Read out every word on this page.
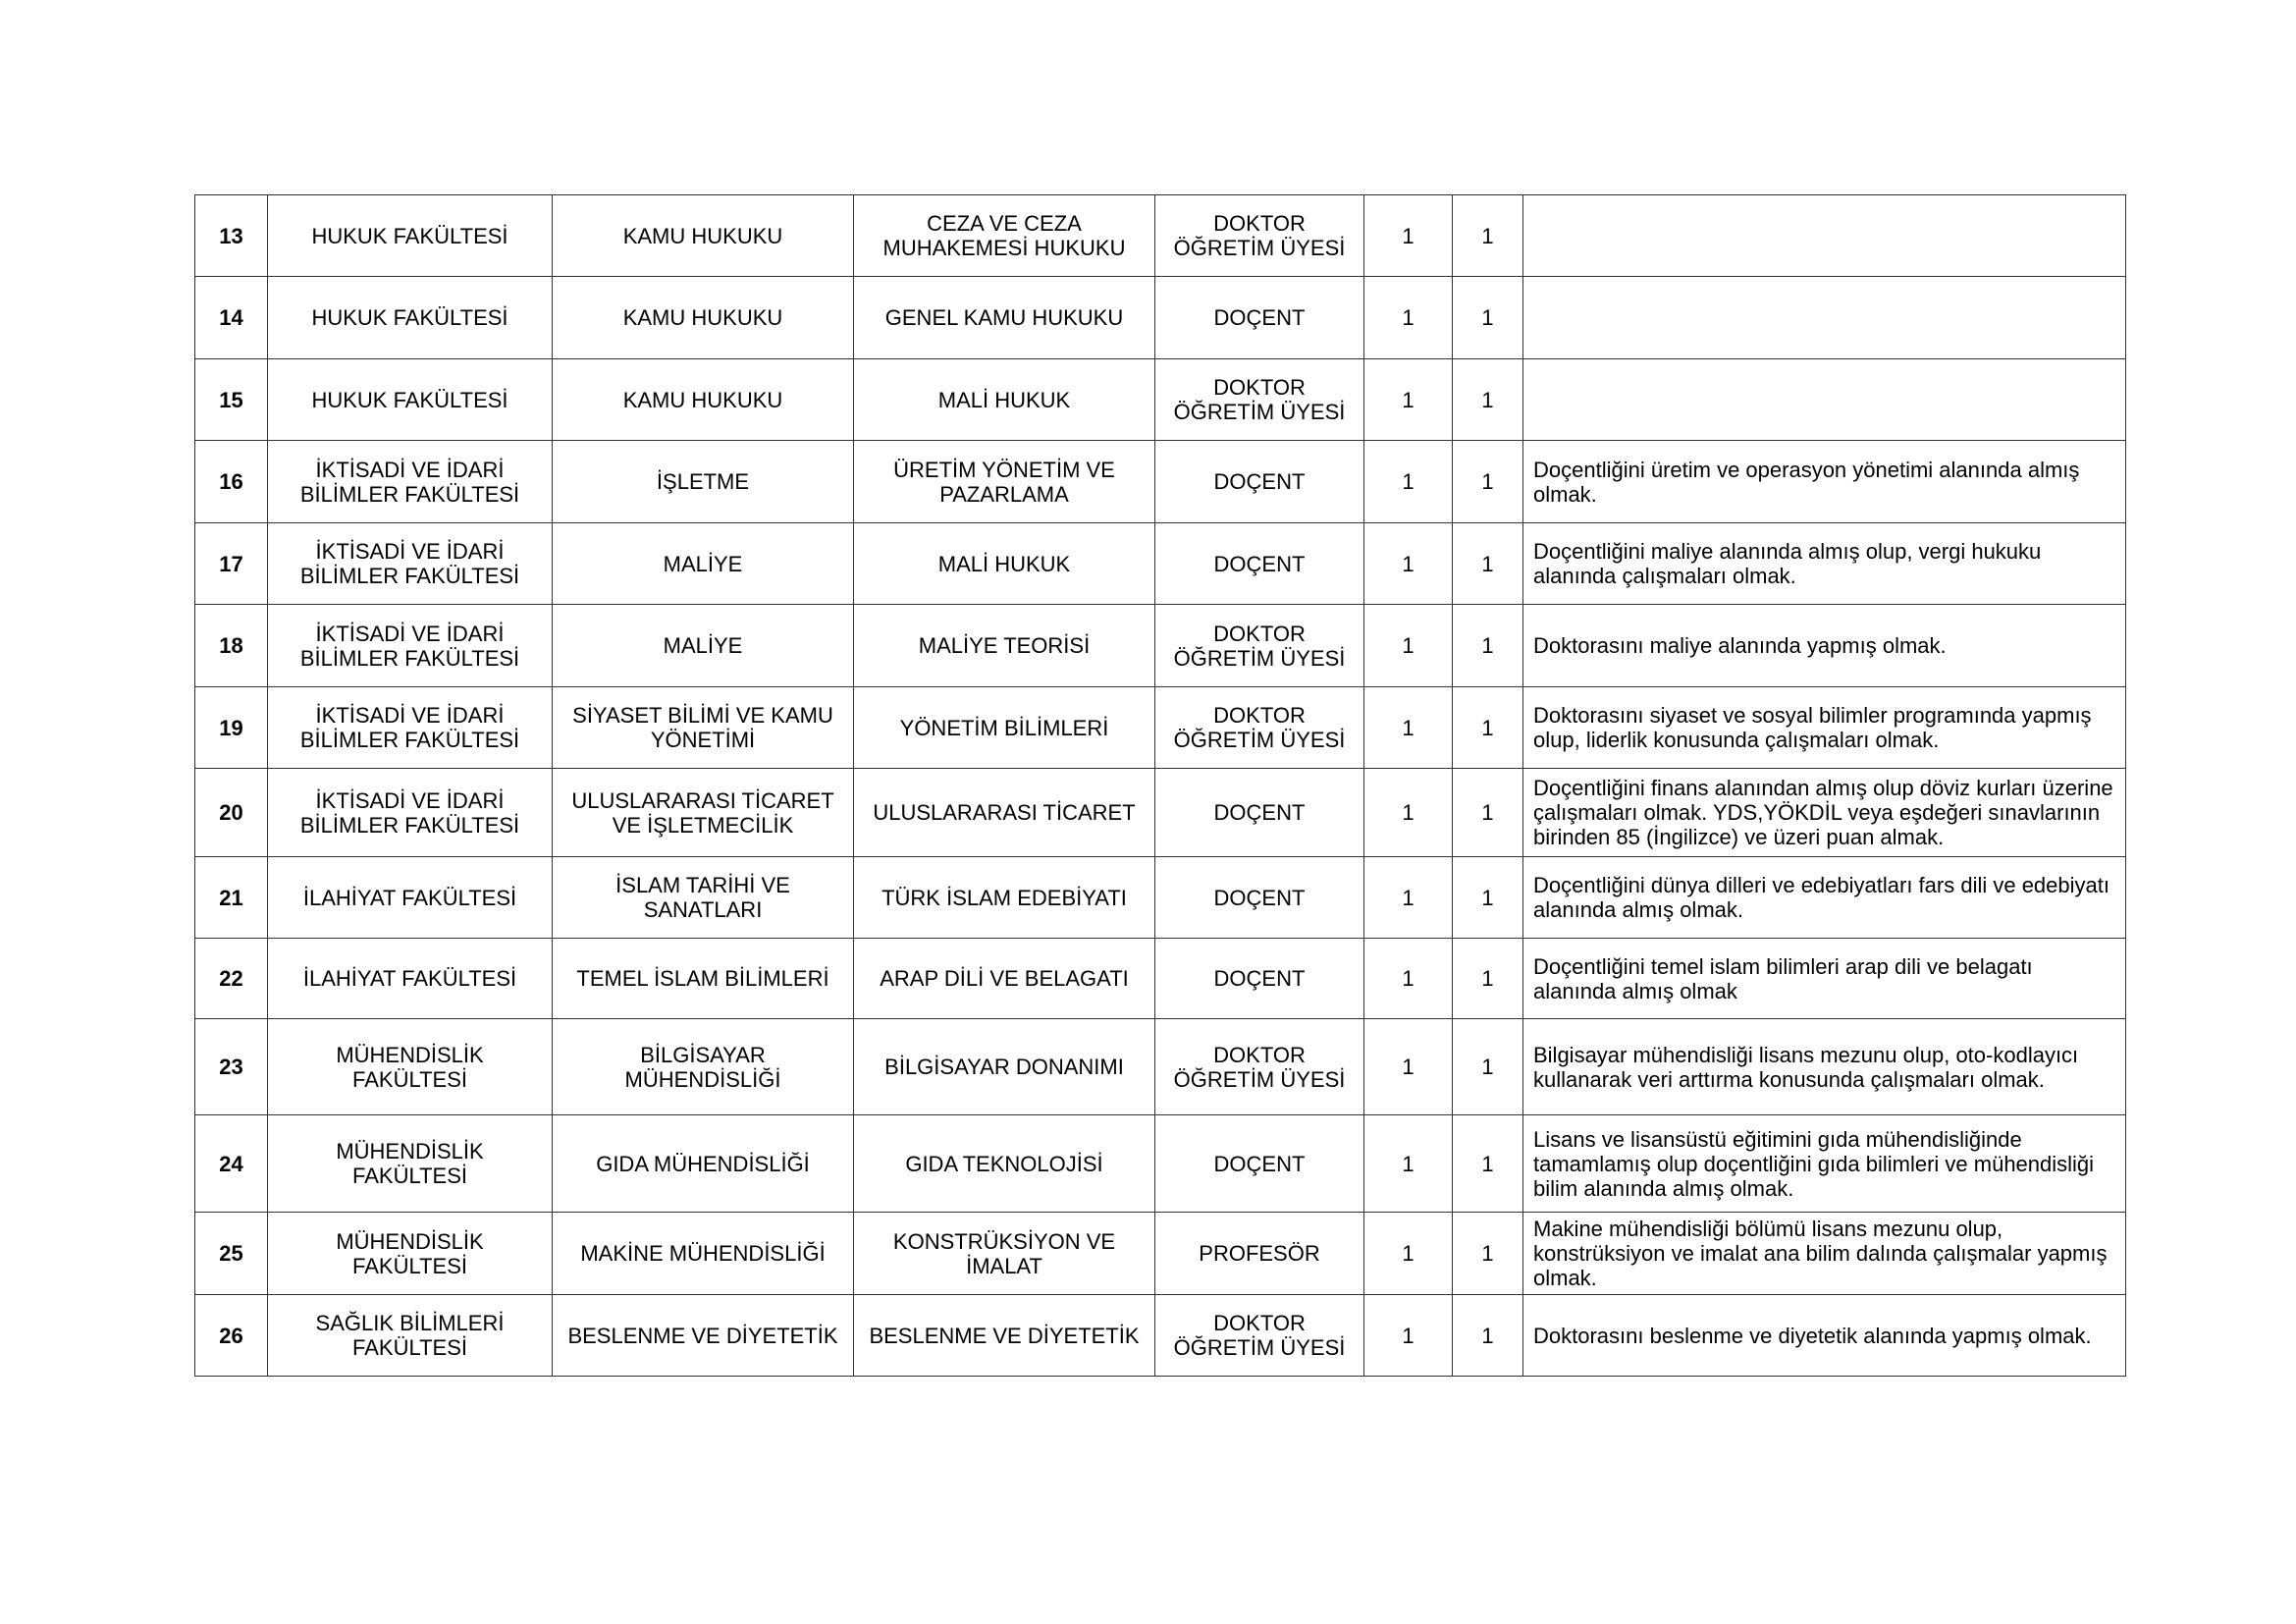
13	HUKUK FAKÜLTESİ	KAMU HUKUKU	CEZA VE CEZA MUHAKEMESİ HUKUKU	DOKTOR ÖĞRETİM ÜYESİ	1	1	
14	HUKUK FAKÜLTESİ	KAMU HUKUKU	GENEL KAMU HUKUKU	DOÇENT	1	1	
15	HUKUK FAKÜLTESİ	KAMU HUKUKU	MALİ HUKUK	DOKTOR ÖĞRETİM ÜYESİ	1	1	
16	İKTİSADİ VE İDARİ BİLİMLER FAKÜLTESİ	İŞLETME	ÜRETİM YÖNETİM VE PAZARLAMA	DOÇENT	1	1	Doçentliğini üretim ve operasyon yönetimi alanında almış olmak.
17	İKTİSADİ VE İDARİ BİLİMLER FAKÜLTESİ	MALİYE	MALİ HUKUK	DOÇENT	1	1	Doçentliğini maliye alanında almış olup, vergi hukuku alanında çalışmaları olmak.
18	İKTİSADİ VE İDARİ BİLİMLER FAKÜLTESİ	MALİYE	MALİYE TEORİSİ	DOKTOR ÖĞRETİM ÜYESİ	1	1	Doktorasını maliye alanında yapmış olmak.
19	İKTİSADİ VE İDARİ BİLİMLER FAKÜLTESİ	SİYASET BİLİMİ VE KAMU YÖNETİMİ	YÖNETİM BİLİMLERİ	DOKTOR ÖĞRETİM ÜYESİ	1	1	Doktorasını siyaset ve sosyal bilimler programında yapmış olup, liderlik konusunda çalışmaları olmak.
20	İKTİSADİ VE İDARİ BİLİMLER FAKÜLTESİ	ULUSLARARASI TİCARET VE İŞLETMECİLİK	ULUSLARARASI TİCARET	DOÇENT	1	1	Doçentliğini finans alanından almış olup döviz kurları üzerine çalışmaları olmak. YDS,YÖKDİL veya eşdeğeri sınavlarının birinden 85 (İngilizce) ve üzeri puan almak.
21	İLAHİYAT FAKÜLTESİ	İSLAM TARİHİ VE SANATLARI	TÜRK İSLAM EDEBİYATI	DOÇENT	1	1	Doçentliğini dünya dilleri ve edebiyatları fars dili ve edebiyatı alanında almış olmak.
22	İLAHİYAT FAKÜLTESİ	TEMEL İSLAM BİLİMLERİ	ARAP DİLİ VE BELAGATI	DOÇENT	1	1	Doçentliğini temel islam bilimleri arap dili ve belagatı alanında almış olmak
23	MÜHENDİSLİK FAKÜLTESİ	BİLGİSAYAR MÜHENDİSLİĞİ	BİLGİSAYAR DONANIMI	DOKTOR ÖĞRETİM ÜYESİ	1	1	Bilgisayar mühendisliği lisans mezunu olup, oto-kodlayıcı kullanarak veri arttırma konusunda çalışmaları olmak.
24	MÜHENDİSLİK FAKÜLTESİ	GIDA MÜHENDİSLİĞİ	GIDA TEKNOLOJİSİ	DOÇENT	1	1	Lisans ve lisansüstü eğitimini gıda mühendisliğinde tamamlamış olup doçentliğini gıda bilimleri ve mühendisliği bilim alanında almış olmak.
25	MÜHENDİSLİK FAKÜLTESİ	MAKİNE MÜHENDİSLİĞİ	KONSTRÜKSİYON VE İMALAT	PROFESÖR	1	1	Makine mühendisliği bölümü lisans mezunu olup, konstrüksiyon ve imalat ana bilim dalında çalışmalar yapmış olmak.
26	SAĞLIK BİLİMLERİ FAKÜLTESİ	BESLENME VE DİYETETİK	BESLENME VE DİYETETİK	DOKTOR ÖĞRETİM ÜYESİ	1	1	Doktorasını beslenme ve diyetetik alanında yapmış olmak.
